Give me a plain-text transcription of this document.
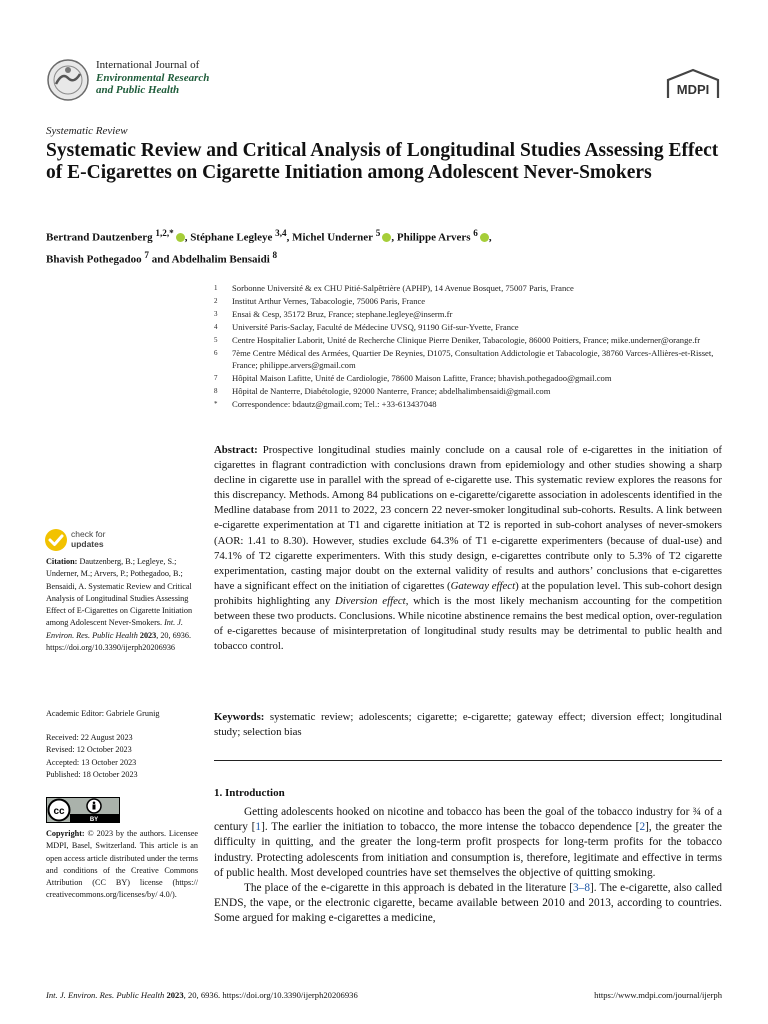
International Journal of
Environmental Research
and Public Health	MDPI
Systematic Review
Systematic Review and Critical Analysis of Longitudinal Studies Assessing Effect of E-Cigarettes on Cigarette Initiation among Adolescent Never-Smokers
Bertrand Dautzenberg $^{1,2,*}$ , Stéphane Legleye $^{3,4}$, Michel Underner $^5$ , Philippe Arvers $^6$ ,
Bhavish Pothegadoo $^7$ and Abdelhalim Bensaidi $^8$
1	Sorbonne Université & ex CHU Pitié-Salpêtrière (APHP), 14 Avenue Bosquet, 75007 Paris, France
2	Institut Arthur Vernes, Tabacologie, 75006 Paris, France
3	Ensai & Cesp, 35172 Bruz, France; stephane.legleye@inserm.fr
4	Université Paris-Saclay, Faculté de Médecine UVSQ, 91190 Gif-sur-Yvette, France
5	Centre Hospitalier Laborit, Unité de Recherche Clinique Pierre Deniker, Tabacologie, 86000 Poitiers, France; mike.underner@orange.fr
6	7ème Centre Médical des Armées, Quartier De Reynies, D1075, Consultation Addictologie et Tabacologie, 38760 Varces-Allières-et-Risset, France; philippe.arvers@gmail.com
7	Hôpital Maison Lafitte, Unité de Cardiologie, 78600 Maison Lafitte, France; bhavish.pothegadoo@gmail.com
8	Hôpital de Nanterre, Diabétologie, 92000 Nanterre, France; abdelhalimbensaidi@gmail.com
*	Correspondence: bdautz@gmail.com; Tel.: +33-613437048
Abstract: Prospective longitudinal studies mainly conclude on a causal role of e-cigarettes in the initiation of cigarettes in flagrant contradiction with conclusions drawn from epidemiology and other studies showing a sharp decline in cigarette use in parallel with the spread of e-cigarette use. This systematic review explores the reasons for this discrepancy. Methods. Among 84 publications on e-cigarette/cigarette association in adolescents identified in the Medline database from 2011 to 2022, 23 concern 22 never-smoker longitudinal sub-cohorts. Results. A link between e-cigarette experimentation at T1 and cigarette initiation at T2 is reported in sub-cohort analyses of never-smokers (AOR: 1.41 to 8.30). However, studies exclude 64.3% of T1 e-cigarette experimenters (because of dual-use) and 74.1% of T2 cigarette experimenters. With this study design, e-cigarettes contribute only to 5.3% of T2 cigarette experimentation, casting major doubt on the external validity of results and authors’ conclusions that e-cigarettes have a significant effect on the initiation of cigarettes (Gateway effect) at the population level. This sub-cohort design prohibits highlighting any Diversion effect, which is the most likely mechanism accounting for the competition between these two products. Conclusions. While nicotine abstinence remains the best medical option, over-regulation of e-cigarettes because of misinterpretation of longitudinal study results may be detrimental to public health and tobacco control.
Keywords: systematic review; adolescents; cigarette; e-cigarette; gateway effect; diversion effect; longitudinal study; selection bias
1. Introduction

Getting adolescents hooked on nicotine and tobacco has been the goal of the tobacco industry for ¾ of a century [1]. The earlier the initiation to tobacco, the more intense the tobacco dependence [2], the greater the difficulty in quitting, and the greater the long-term profit prospects for long-term profits for the tobacco industry. Protecting adolescents from initiation and consumption is, therefore, legitimate and effective in terms of public health. Most developed countries have set themselves the objective of quitting smoking.

The place of the e-cigarette in this approach is debated in the literature [3–8]. The e-cigarette, also called ENDS, the vape, or the electronic cigarette, became available between 2010 and 2013, according to countries. Some argued for making e-cigarettes a medicine,

check for
updates
Citation: Dautzenberg, B.; Legleye, S.; Underner, M.; Arvers, P.; Pothegadoo, B.; Bensaidi, A. Systematic Review and Critical Analysis of Longitudinal Studies Assessing Effect of E-Cigarettes on Cigarette Initiation among Adolescent Never-Smokers. Int. J. Environ. Res. Public Health 2023, 20, 6936. https://doi.org/10.3390/ijerph20206936
Academic Editor: Gabriele Grunig
Received: 22 August 2023
Revised: 12 October 2023
Accepted: 13 October 2023
Published: 18 October 2023
cc
BY
Copyright: © 2023 by the authors. Licensee MDPI, Basel, Switzerland. This article is an open access article distributed under the terms and conditions of the Creative Commons Attribution (CC BY) license (https:// creativecommons.org/licenses/by/ 4.0/).
Int. J. Environ. Res. Public Health 2023, 20, 6936. https://doi.org/10.3390/ijerph20206936	https://www.mdpi.com/journal/ijerph
